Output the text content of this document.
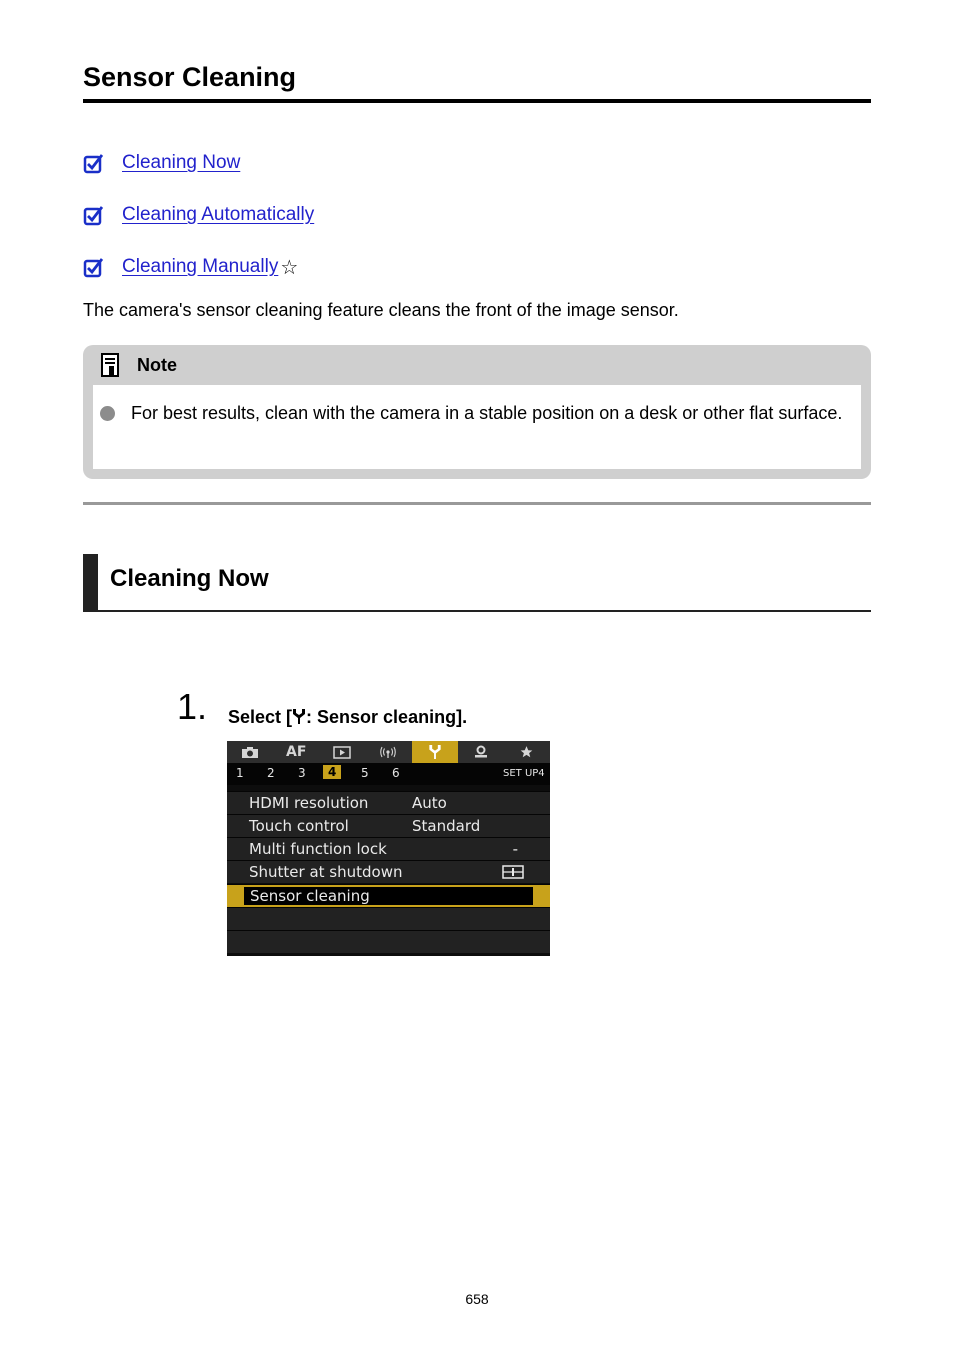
Sensor Cleaning
Cleaning Now
Cleaning Automatically
Cleaning Manually ☆
The camera's sensor cleaning feature cleans the front of the image sensor.
Note
For best results, clean with the camera in a stable position on a desk or other flat surface.
Cleaning Now
1. Select [ : Sensor cleaning].
AF
1 2 3	4	5 6	SET UP4
HDMI resolution	Auto
Touch control	Standard
Multi function lock	-
Shutter at shutdown
Sensor cleaning
658
